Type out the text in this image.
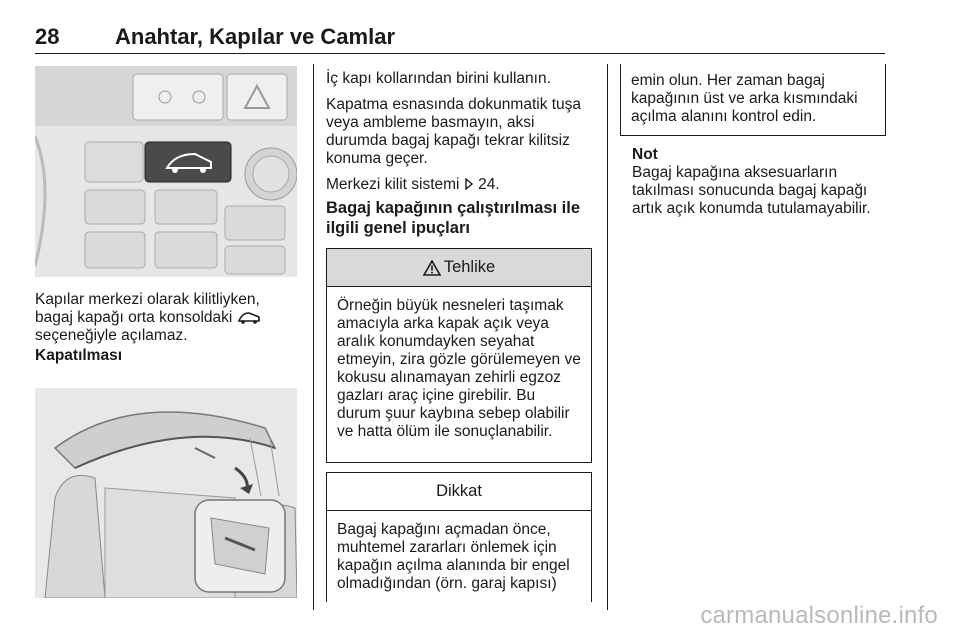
28	Anahtar, Kapılar ve Camlar
Kapılar merkezi olarak kilitliyken,
bagaj kapağı orta konsoldaki
seçeneğiyle açılamaz.
Kapatılması

İç kapı kollarından birini kullanın.

Kapatma esnasında dokunmatik tuşa veya ambleme basmayın, aksi durumda bagaj kapağı tekrar kilitsiz konuma geçer.

Merkezi kilit sistemi 24.

Bagaj kapağının çalıştırılması ile
ilgili genel ipuçları
Tehlike
Örneğin büyük nesneleri taşımak amacıyla arka kapak açık veya aralık konumdayken seyahat etmeyin, zira gözle görülemeyen ve kokusu alınamayan zehirli egzoz gazları araç içine girebilir. Bu durum şuur kaybına sebep olabilir ve hatta ölüm ile sonuçlanabilir.
Dikkat
Bagaj kapağını açmadan önce, muhtemel zararları önlemek için kapağın açılma alanında bir engel olmadığından (örn. garaj kapısı)
emin olun. Her zaman bagaj kapağının üst ve arka kısmındaki açılma alanını kontrol edin.
Not
Bagaj kapağına aksesuarların takılması sonucunda bagaj kapağı artık açık konumda tutulamayabilir.
carmanualsonline.info
